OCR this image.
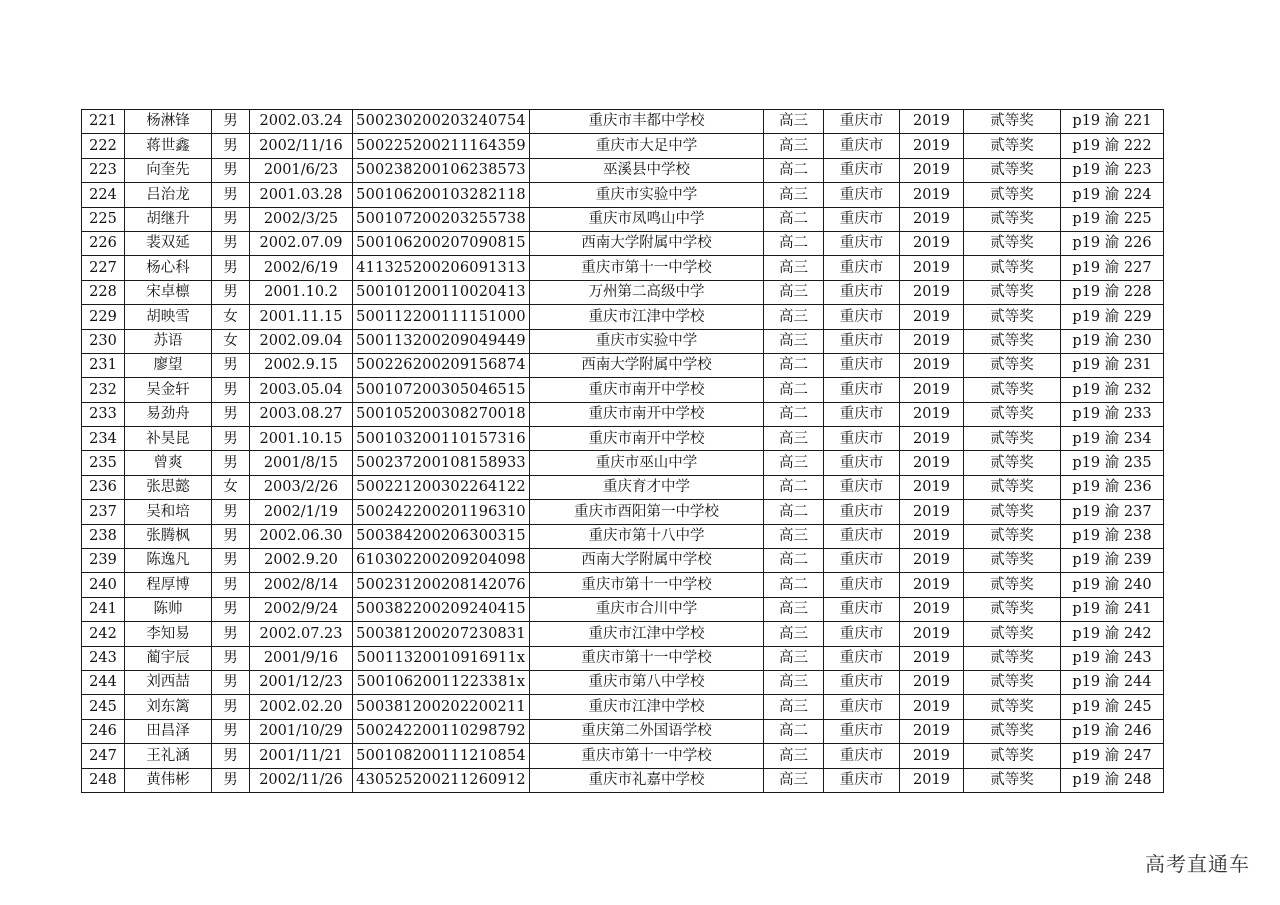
221	杨淋锋	男	2002.03.24	500230200203240754	重庆市丰都中学校	高三	重庆市	2019	贰等奖	p19 渝 221
222	蒋世鑫	男	2002/11/16	500225200211164359	重庆市大足中学	高三	重庆市	2019	贰等奖	p19 渝 222
223	向奎先	男	2001/6/23	500238200106238573	巫溪县中学校	高二	重庆市	2019	贰等奖	p19 渝 223
224	吕治龙	男	2001.03.28	500106200103282118	重庆市实验中学	高三	重庆市	2019	贰等奖	p19 渝 224
225	胡继升	男	2002/3/25	500107200203255738	重庆市凤鸣山中学	高二	重庆市	2019	贰等奖	p19 渝 225
226	裴双延	男	2002.07.09	500106200207090815	西南大学附属中学校	高二	重庆市	2019	贰等奖	p19 渝 226
227	杨心科	男	2002/6/19	411325200206091313	重庆市第十一中学校	高三	重庆市	2019	贰等奖	p19 渝 227
228	宋卓檩	男	2001.10.2	500101200110020413	万州第二高级中学	高三	重庆市	2019	贰等奖	p19 渝 228
229	胡映雪	女	2001.11.15	500112200111151000	重庆市江津中学校	高三	重庆市	2019	贰等奖	p19 渝 229
230	苏语	女	2002.09.04	500113200209049449	重庆市实验中学	高三	重庆市	2019	贰等奖	p19 渝 230
231	廖望	男	2002.9.15	500226200209156874	西南大学附属中学校	高二	重庆市	2019	贰等奖	p19 渝 231
232	吴金轩	男	2003.05.04	500107200305046515	重庆市南开中学校	高二	重庆市	2019	贰等奖	p19 渝 232
233	易劲舟	男	2003.08.27	500105200308270018	重庆市南开中学校	高二	重庆市	2019	贰等奖	p19 渝 233
234	补昊昆	男	2001.10.15	500103200110157316	重庆市南开中学校	高三	重庆市	2019	贰等奖	p19 渝 234
235	曾爽	男	2001/8/15	500237200108158933	重庆市巫山中学	高三	重庆市	2019	贰等奖	p19 渝 235
236	张思懿	女	2003/2/26	500221200302264122	重庆育才中学	高二	重庆市	2019	贰等奖	p19 渝 236
237	吴和培	男	2002/1/19	500242200201196310	重庆市酉阳第一中学校	高二	重庆市	2019	贰等奖	p19 渝 237
238	张腾枫	男	2002.06.30	500384200206300315	重庆市第十八中学	高三	重庆市	2019	贰等奖	p19 渝 238
239	陈逸凡	男	2002.9.20	610302200209204098	西南大学附属中学校	高二	重庆市	2019	贰等奖	p19 渝 239
240	程厚博	男	2002/8/14	500231200208142076	重庆市第十一中学校	高二	重庆市	2019	贰等奖	p19 渝 240
241	陈帅	男	2002/9/24	500382200209240415	重庆市合川中学	高三	重庆市	2019	贰等奖	p19 渝 241
242	李知易	男	2002.07.23	500381200207230831	重庆市江津中学校	高三	重庆市	2019	贰等奖	p19 渝 242
243	蔺宇辰	男	2001/9/16	50011320010916911x	重庆市第十一中学校	高三	重庆市	2019	贰等奖	p19 渝 243
244	刘西喆	男	2001/12/23	50010620011223381x	重庆市第八中学校	高三	重庆市	2019	贰等奖	p19 渝 244
245	刘东篱	男	2002.02.20	500381200202200211	重庆市江津中学校	高三	重庆市	2019	贰等奖	p19 渝 245
246	田昌泽	男	2001/10/29	500242200110298792	重庆第二外国语学校	高二	重庆市	2019	贰等奖	p19 渝 246
247	王礼涵	男	2001/11/21	500108200111210854	重庆市第十一中学校	高三	重庆市	2019	贰等奖	p19 渝 247
248	黄伟彬	男	2002/11/26	430525200211260912	重庆市礼嘉中学校	高三	重庆市	2019	贰等奖	p19 渝 248
高考直通车
